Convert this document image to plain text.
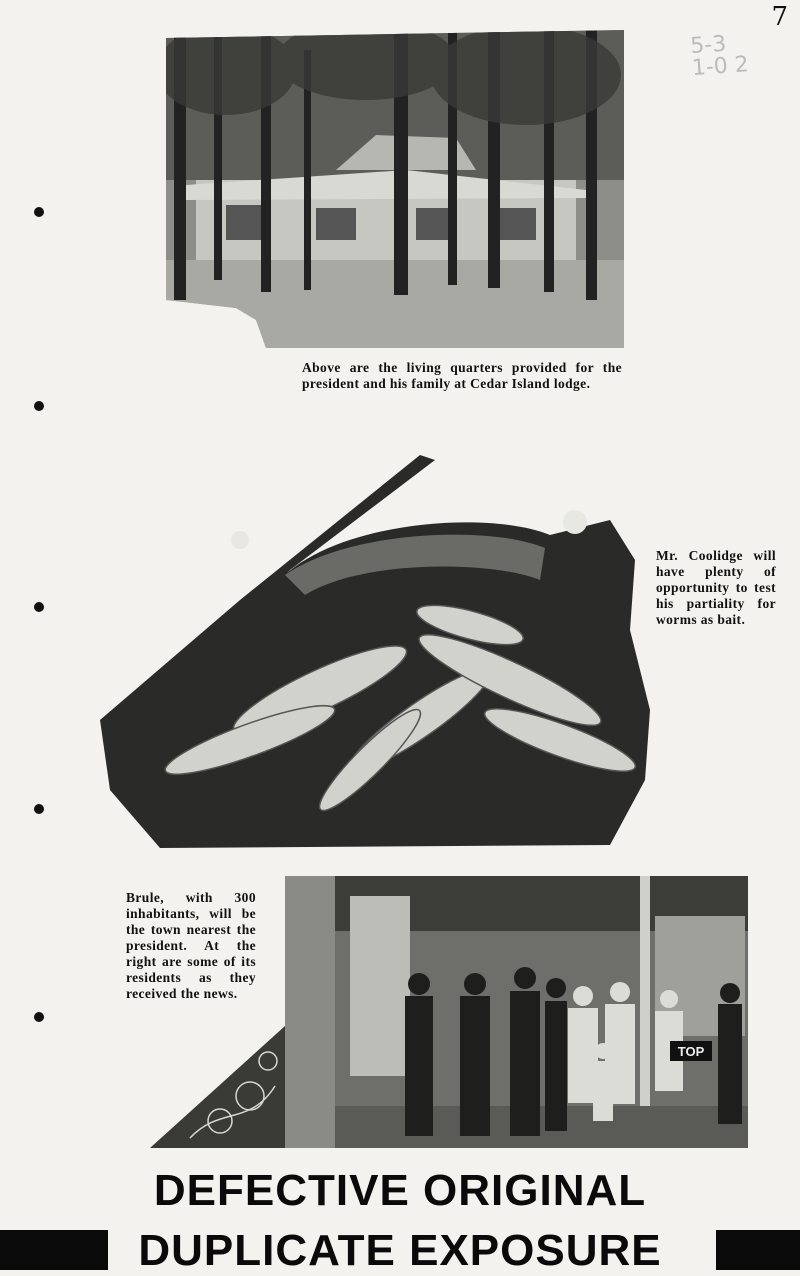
7
5-3 1-0 2
Above are the living quarters provided for the president and his family at Cedar Island lodge.
Mr. Coolidge will have plenty of opportunity to test his partiality for worms as bait.
TOP
Brule, with 300 inhabitants, will be the town nearest the president. At the right are some of its residents as they received the news.
DEFECTIVE ORIGINAL
DUPLICATE EXPOSURE
